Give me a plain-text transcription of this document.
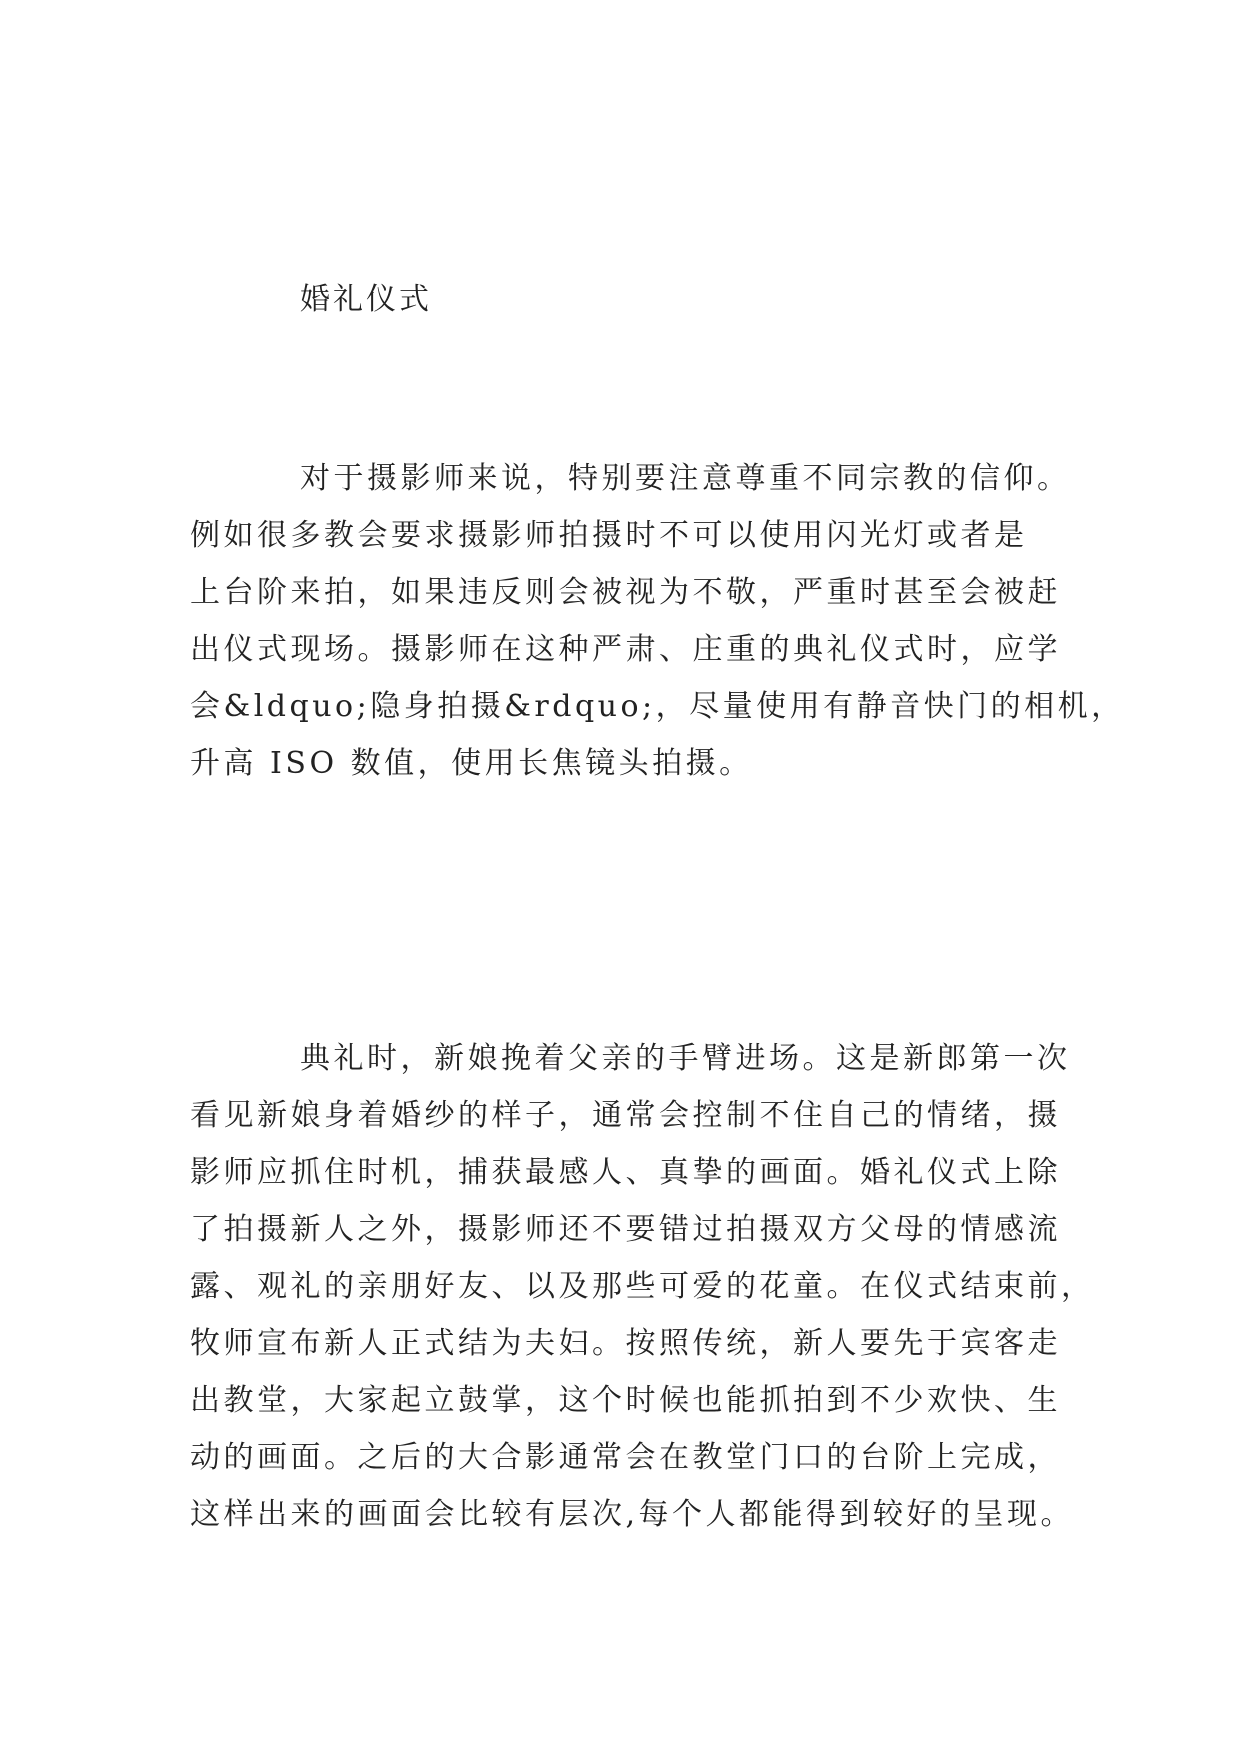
婚礼仪式
对于摄影师来说，特别要注意尊重不同宗教的信仰。
例如很多教会要求摄影师拍摄时不可以使用闪光灯或者是
上台阶来拍，如果违反则会被视为不敬，严重时甚至会被赶
出仪式现场。摄影师在这种严肃、庄重的典礼仪式时，应学
会&ldquo;隐身拍摄&rdquo;，尽量使用有静音快门的相机，
升高 ISO 数值，使用长焦镜头拍摄。
典礼时，新娘挽着父亲的手臂进场。这是新郎第一次
看见新娘身着婚纱的样子，通常会控制不住自己的情绪，摄
影师应抓住时机，捕获最感人、真挚的画面。婚礼仪式上除
了拍摄新人之外，摄影师还不要错过拍摄双方父母的情感流
露、观礼的亲朋好友、以及那些可爱的花童。在仪式结束前，
牧师宣布新人正式结为夫妇。按照传统，新人要先于宾客走
出教堂，大家起立鼓掌，这个时候也能抓拍到不少欢快、生
动的画面。之后的大合影通常会在教堂门口的台阶上完成，
这样出来的画面会比较有层次,每个人都能得到较好的呈现。
